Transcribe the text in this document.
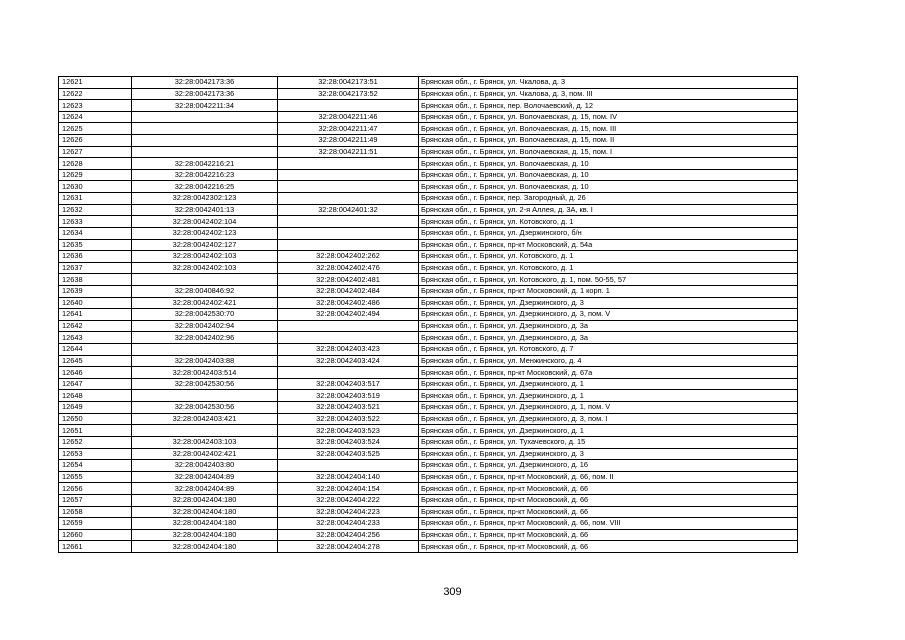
12621	32:28:0042173:36	32:28:0042173:51	Брянская обл., г. Брянск, ул. Чкалова, д. 3
12622	32:28:0042173:36	32:28:0042173:52	Брянская обл., г. Брянск, ул. Чкалова, д. 3, пом. III
12623	32:28:0042211:34		Брянская обл., г. Брянск, пер. Волочаевский, д. 12
12624		32:28:0042211:46	Брянская обл., г. Брянск, ул. Волочаевская, д. 15, пом. IV
12625		32:28:0042211:47	Брянская обл., г. Брянск, ул. Волочаевская, д. 15, пом. III
12626		32:28:0042211:49	Брянская обл., г. Брянск, ул. Волочаевская, д. 15, пом. II
12627		32:28:0042211:51	Брянская обл., г. Брянск, ул. Волочаевская, д. 15, пом. I
12628	32:28:0042216:21		Брянская обл., г. Брянск, ул. Волочаевская, д. 10
12629	32:28:0042216:23		Брянская обл., г. Брянск, ул. Волочаевская, д. 10
12630	32:28:0042216:25		Брянская обл., г. Брянск, ул. Волочаевская, д. 10
12631	32:28:0042302:123		Брянская обл., г. Брянск, пер. Загородный, д. 26
12632	32:28:0042401:13	32:28:0042401:32	Брянская обл., г. Брянск, ул. 2-я Аллея, д. 3А, кв. I
12633	32:28:0042402:104		Брянская обл., г. Брянск, ул. Котовского, д. 1
12634	32:28:0042402:123		Брянская обл., г. Брянск, ул. Дзержинского, б/н
12635	32:28:0042402:127		Брянская обл., г. Брянск, пр-кт Московский, д. 54а
12636	32:28:0042402:103	32:28:0042402:262	Брянская обл., г. Брянск, ул. Котовского, д. 1
12637	32:28:0042402:103	32:28:0042402:476	Брянская обл., г. Брянск, ул. Котовского, д. 1
12638		32:28:0042402:481	Брянская обл., г. Брянск, ул. Котовского, д. 1, пом. 50-55, 57
12639	32:28:0040846:92	32:28:0042402:484	Брянская обл., г. Брянск, пр-кт Московский, д. 1 корп. 1
12640	32:28:0042402:421	32:28:0042402:486	Брянская обл., г. Брянск, ул. Дзержинского, д. 3
12641	32:28:0042530:70	32:28:0042402:494	Брянская обл., г. Брянск, ул. Дзержинского, д. 3, пом. V
12642	32:28:0042402:94		Брянская обл., г. Брянск, ул. Дзержинского, д. 3а
12643	32:28:0042402:96		Брянская обл., г. Брянск, ул. Дзержинского, д. 3а
12644		32:28:0042403:423	Брянская обл., г. Брянск, ул. Котовского, д. 7
12645	32:28:0042403:88	32:28:0042403:424	Брянская обл., г. Брянск, ул. Менжинского, д. 4
12646	32:28:0042403:514		Брянская обл., г. Брянск, пр-кт Московский, д. 67а
12647	32:28:0042530:56	32:28:0042403:517	Брянская обл., г. Брянск, ул. Дзержинского, д. 1
12648		32:28:0042403:519	Брянская обл., г. Брянск, ул. Дзержинского, д. 1
12649	32:28:0042530:56	32:28:0042403:521	Брянская обл., г. Брянск, ул. Дзержинского, д. 1, пом. V
12650	32:28:0042403:421	32:28:0042403:522	Брянская обл., г. Брянск, ул. Дзержинского, д. 3, пом. I
12651		32:28:0042403:523	Брянская обл., г. Брянск, ул. Дзержинского, д. 1
12652	32:28:0042403:103	32:28:0042403:524	Брянская обл., г. Брянск, ул. Тухачевского, д. 15
12653	32:28:0042402:421	32:28:0042403:525	Брянская обл., г. Брянск, ул. Дзержинского, д. 3
12654	32:28:0042403:80		Брянская обл., г. Брянск, ул. Дзержинского, д. 16
12655	32:28:0042404:89	32:28:0042404:140	Брянская обл., г. Брянск, пр-кт Московский, д. 66, пом. II
12656	32:28:0042404:89	32:28:0042404:154	Брянская обл., г. Брянск, пр-кт Московский, д. 66
12657	32:28:0042404:180	32:28:0042404:222	Брянская обл., г. Брянск, пр-кт Московский, д. 66
12658	32:28:0042404:180	32:28:0042404:223	Брянская обл., г. Брянск, пр-кт Московский, д. 66
12659	32:28:0042404:180	32:28:0042404:233	Брянская обл., г. Брянск, пр-кт Московский, д. 66, пом. VIII
12660	32:28:0042404:180	32:28:0042404:256	Брянская обл., г. Брянск, пр-кт Московский, д. 66
12661	32:28:0042404:180	32:28:0042404:278	Брянская обл., г. Брянск, пр-кт Московский, д. 66
309
